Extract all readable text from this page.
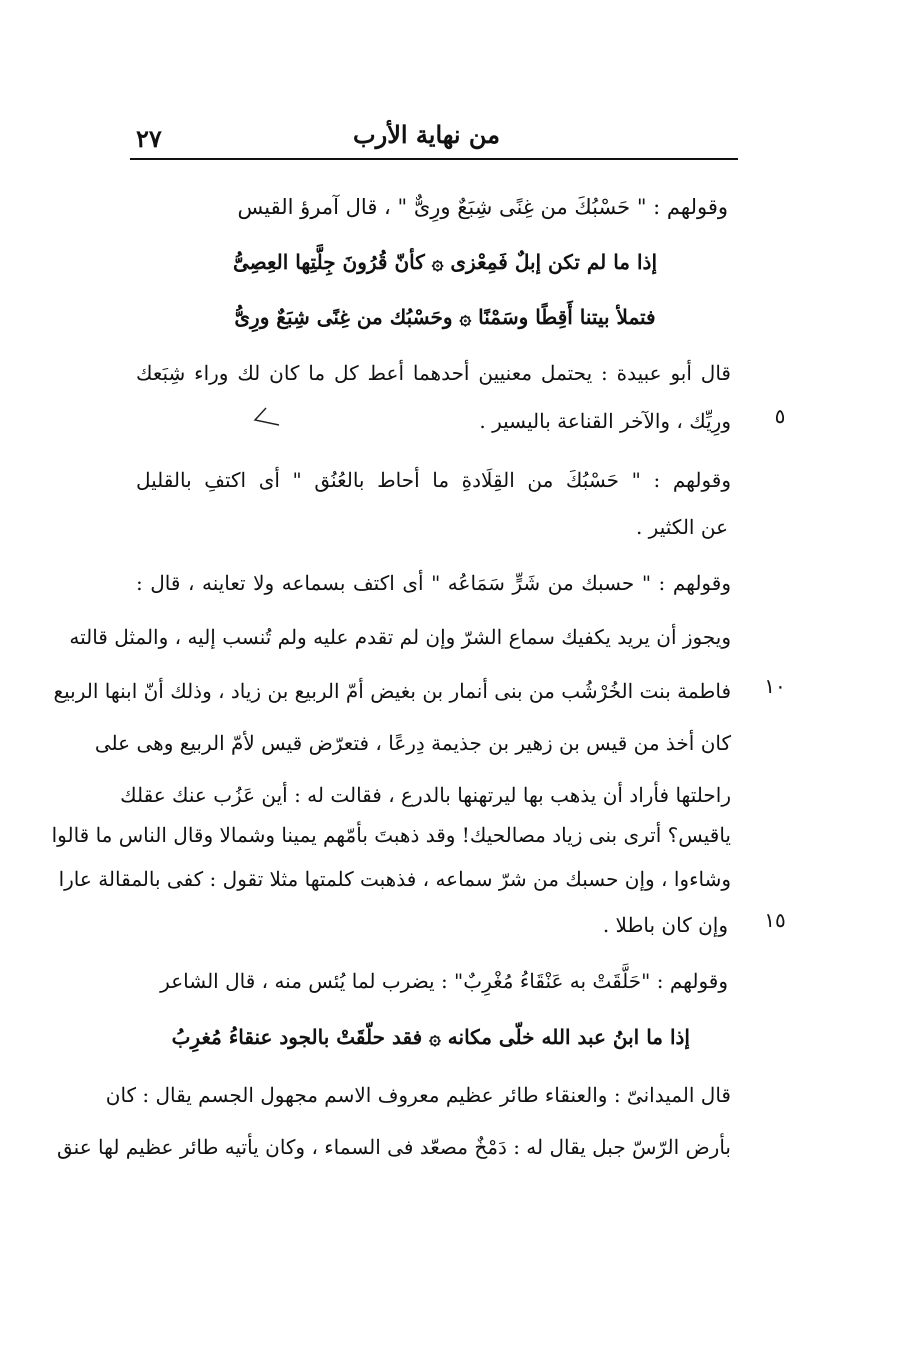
من نهاية الأرب
٢٧
وقولهم : " حَسْبُكَ من غِنًى شِبَعٌ ورِىٌّ " ، قال آمرؤ القيس
إذا ما لم تكن إبلٌ فَمِعْزى ۞ كأنّ قُرُونَ جِلَّتِها العِصِىُّ
فتملأ بيتنا أَقِطًا وسَمْنًا ۞ وحَسْبُك من غِنًى شِبَعٌ ورِىُّ
قال أبو عبيدة : يحتمل معنيين أحدهما أعط كل ما كان لك وراء شِبَعك
ورِيِّك ، والآخر القناعة باليسير .
وقولهم : " حَسْبُكَ من القِلَادةِ ما أحاط بالعُنُق " أى اكتفِ بالقليل
عن الكثير .
وقولهم : " حسبك من شَرٍّ سَمَاعُه " أى اكتف بسماعه ولا تعاينه ، قال :
ويجوز أن يريد يكفيك سماع الشرّ وإن لم تقدم عليه ولم تُنسب إليه ، والمثل قالته
فاطمة بنت الخُرْشُب من بنى أنمار بن بغيض أمّ الربيع بن زياد ، وذلك أنّ ابنها الربيع
كان أخذ من قيس بن زهير بن جذيمة دِرعًا ، فتعرّض قيس لأمّ الربيع وهى على
راحلتها فأراد أن يذهب بها ليرتهنها بالدرع ، فقالت له : أين عَزُب عنك عقلك
ياقيس؟ أترى بنى زياد مصالحيك! وقد ذهبتَ بأمّهم يمينا وشمالا وقال الناس ما قالوا
وشاءوا ، وإن حسبك من شرّ سماعه ، فذهبت كلمتها مثلا تقول : كفى بالمقالة عارا
وإن كان باطلا .
وقولهم : "حَلَّقَتْ به عَنْقَاءُ مُغْرِبٌ" : يضرب لما يُئس منه ، قال الشاعر
إذا ما ابنُ عبد الله خلّى مكانه ۞ فقد حلّقَتْ بالجود عنقاءُ مُغرِبُ
قال الميدانىّ : والعنقاء طائر عظيم معروف الاسم مجهول الجسم يقال : كان
بأرض الرّسّ جبل يقال له : دَمْخٌ مصعّد فى السماء ، وكان يأتيه طائر عظيم لها عنق
٥
١٠
١٥
